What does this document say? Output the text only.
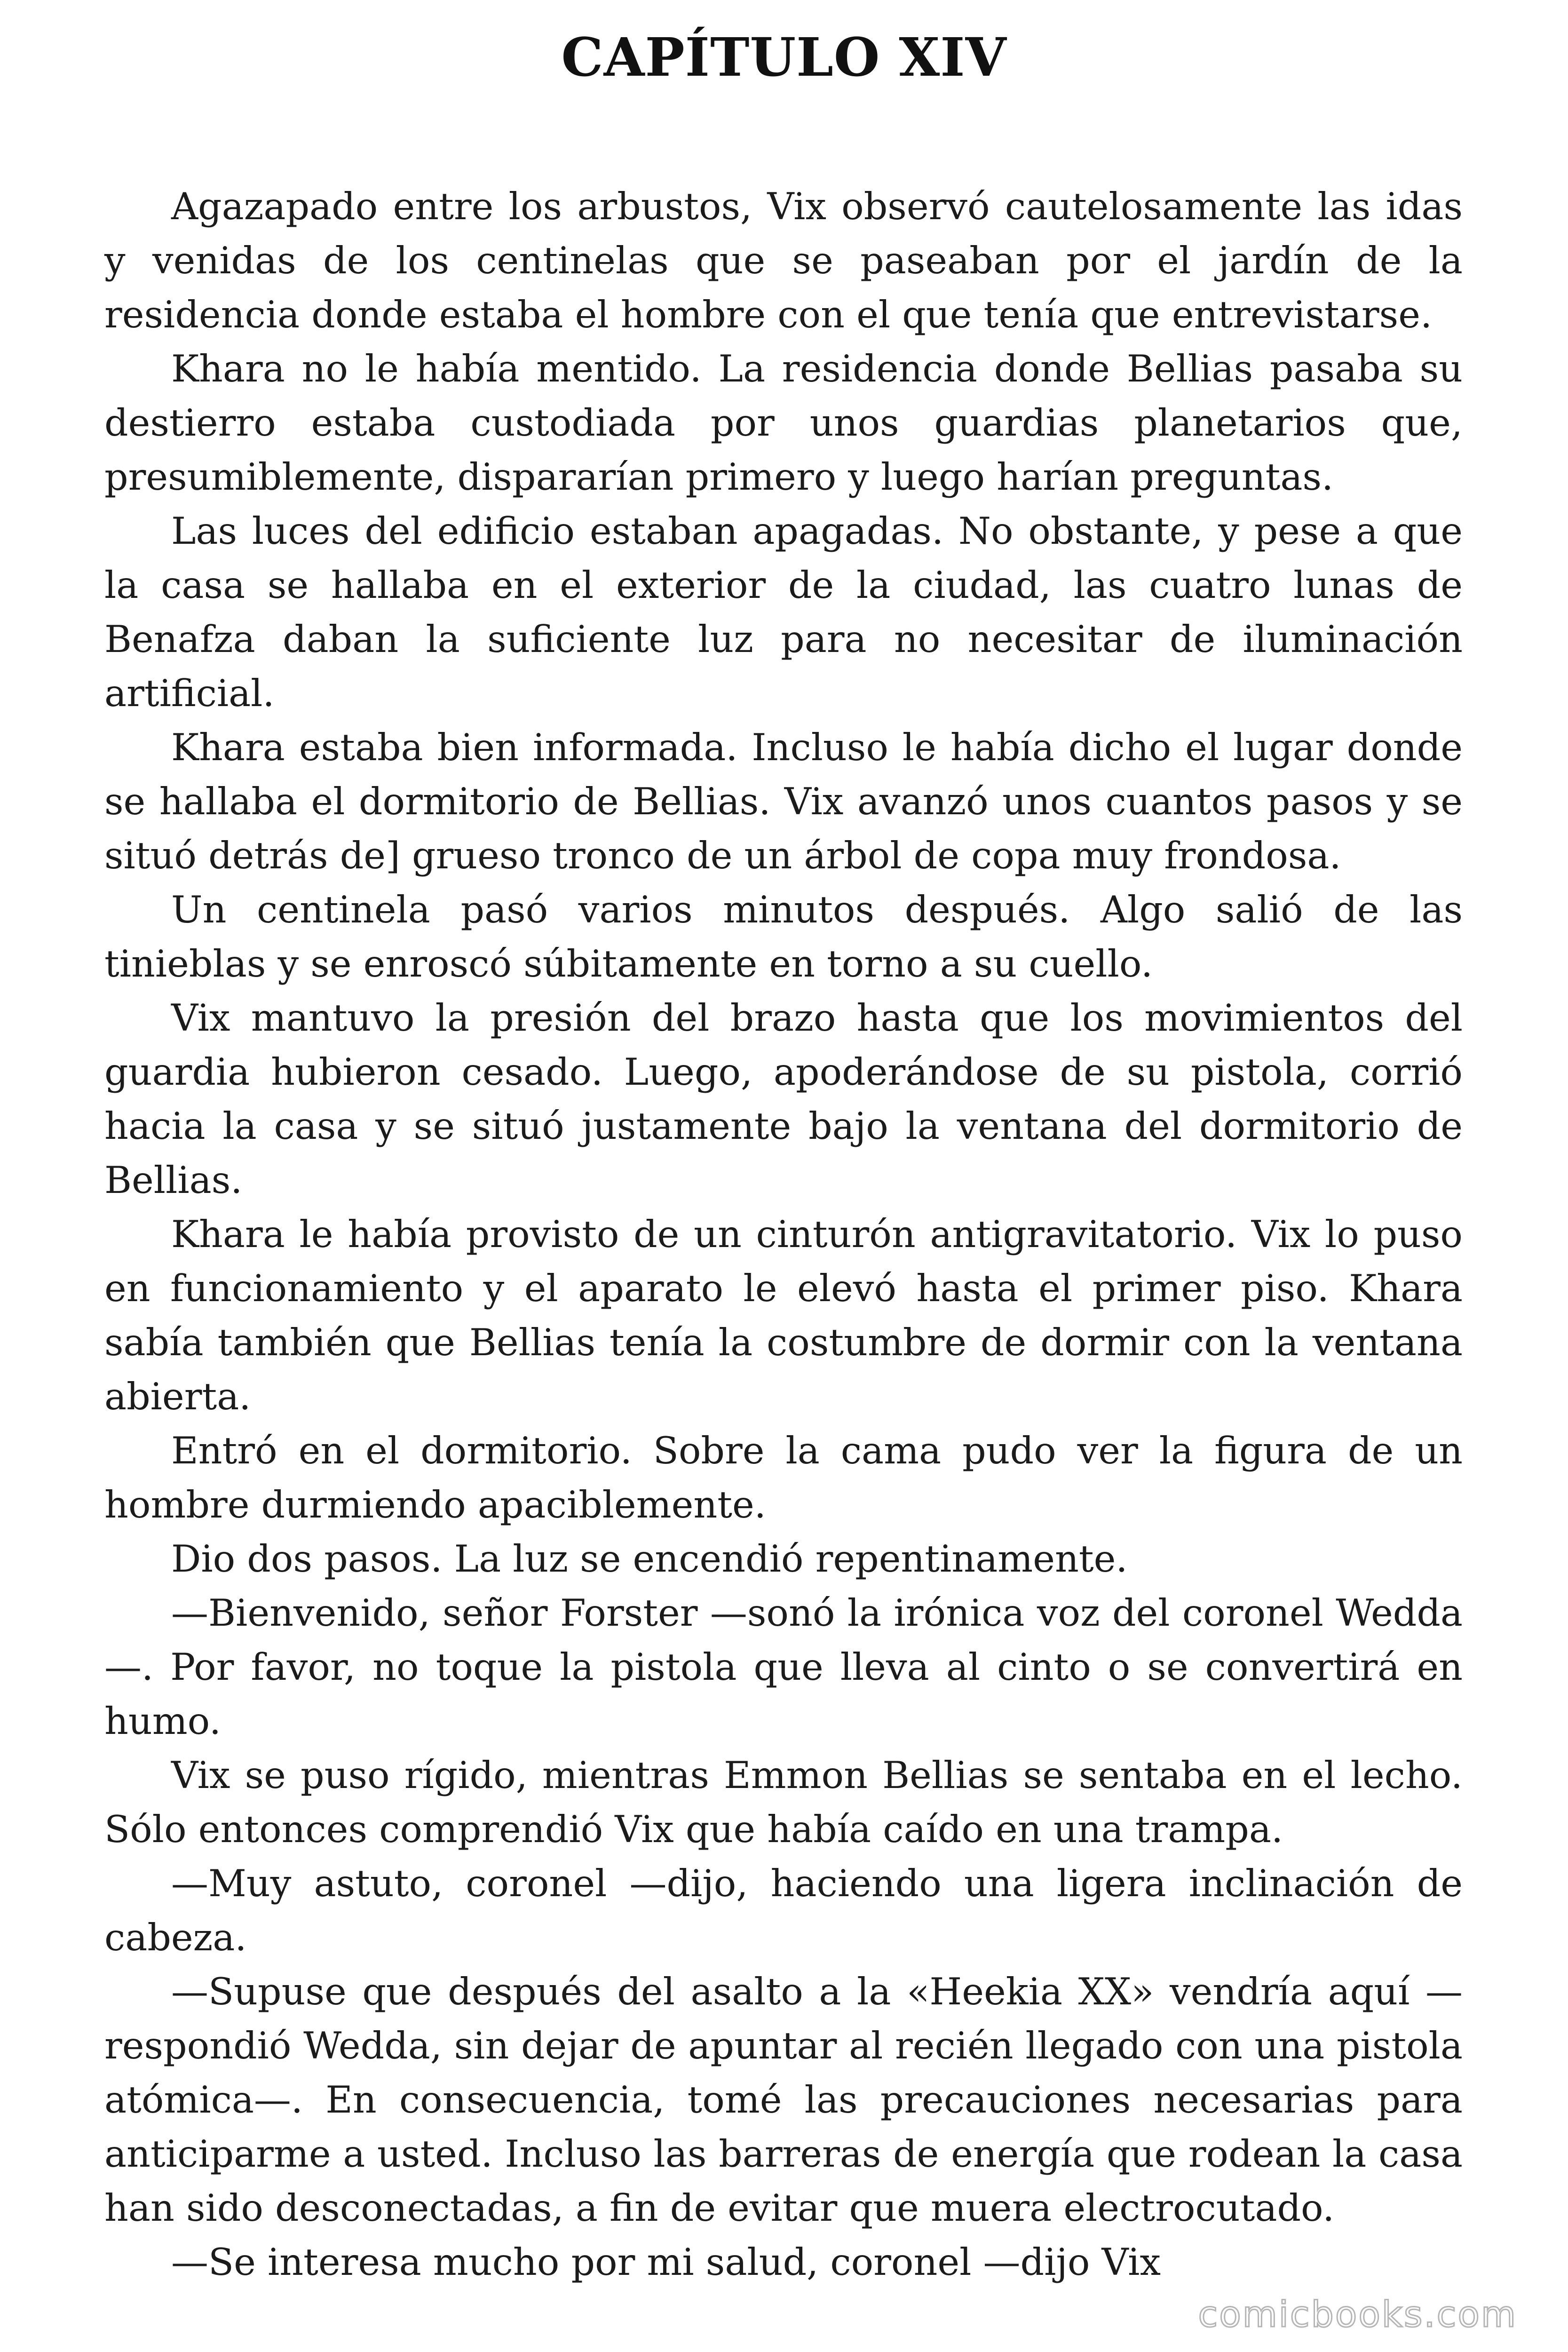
CAPÍTULO XIV

Agazapado entre los arbustos, Vix observó cautelosamente las idas y venidas de los centinelas que se paseaban por el jardín de la residencia donde estaba el hombre con el que tenía que entrevistarse.

Khara no le había mentido. La residencia donde Bellias pasaba su destierro estaba custodiada por unos guardias planetarios que, presumiblemente, dispararían primero y luego harían preguntas.

Las luces del edificio estaban apagadas. No obstante, y pese a que la casa se hallaba en el exterior de la ciudad, las cuatro lunas de Benafza daban la suficiente luz para no necesitar de iluminación artificial.

Khara estaba bien informada. Incluso le había dicho el lugar donde se hallaba el dormitorio de Bellias. Vix avanzó unos cuantos pasos y se situó detrás de] grueso tronco de un árbol de copa muy frondosa.

Un centinela pasó varios minutos después. Algo salió de las tinieblas y se enroscó súbitamente en torno a su cuello.

Vix mantuvo la presión del brazo hasta que los movimientos del guardia hubieron cesado. Luego, apoderándose de su pistola, corrió hacia la casa y se situó justamente bajo la ventana del dormitorio de Bellias.

Khara le había provisto de un cinturón antigravitatorio. Vix lo puso en funcionamiento y el aparato le elevó hasta el primer piso. Khara sabía también que Bellias tenía la costumbre de dormir con la ventana abierta.

Entró en el dormitorio. Sobre la cama pudo ver la figura de un hombre durmiendo apaciblemente.

Dio dos pasos. La luz se encendió repentinamente.

—Bienvenido, señor Forster —sonó la irónica voz del coronel Wedda—. Por favor, no toque la pistola que lleva al cinto o se convertirá en humo.

Vix se puso rígido, mientras Emmon Bellias se sentaba en el lecho. Sólo entonces comprendió Vix que había caído en una trampa.

—Muy astuto, coronel —dijo, haciendo una ligera inclinación de cabeza.

—Supuse que después del asalto a la «Heekia XX» vendría aquí — respondió Wedda, sin dejar de apuntar al recién llegado con una pistola atómica—. En consecuencia, tomé las precauciones necesarias para anticiparme a usted. Incluso las barreras de energía que rodean la casa han sido desconectadas, a fin de evitar que muera electrocutado.

—Se interesa mucho por mi salud, coronel —dijo Vix

comicbooks.com
